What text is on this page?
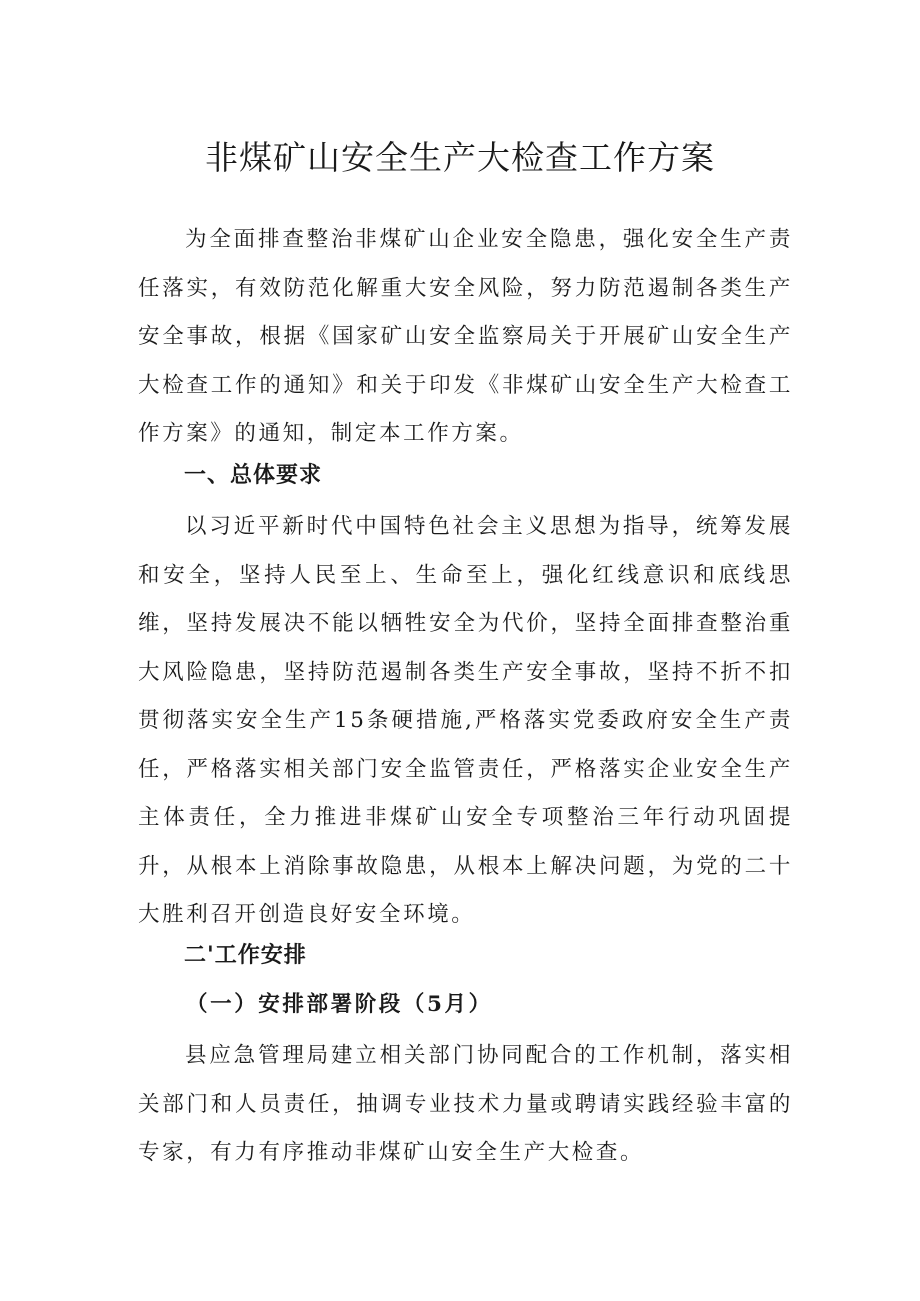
非煤矿山安全生产大检查工作方案

为全面排查整治非煤矿山企业安全隐患，强化安全生产责任落实，有效防范化解重大安全风险，努力防范遏制各类生产安全事故，根据《国家矿山安全监察局关于开展矿山安全生产大检查工作的通知》和关于印发《非煤矿山安全生产大检查工作方案》的通知，制定本工作方案。

一、总体要求

以习近平新时代中国特色社会主义思想为指导，统筹发展和安全，坚持人民至上、生命至上，强化红线意识和底线思维，坚持发展决不能以牺牲安全为代价，坚持全面排查整治重大风险隐患，坚持防范遏制各类生产安全事故，坚持不折不扣贯彻落实安全生产15条硬措施,严格落实党委政府安全生产责任，严格落实相关部门安全监管责任，严格落实企业安全生产主体责任，全力推进非煤矿山安全专项整治三年行动巩固提升，从根本上消除事故隐患，从根本上解决问题，为党的二十大胜利召开创造良好安全环境。

二'工作安排
（一）安排部署阶段（5月）

县应急管理局建立相关部门协同配合的工作机制，落实相关部门和人员责任，抽调专业技术力量或聘请实践经验丰富的专家，有力有序推动非煤矿山安全生产大检查。
